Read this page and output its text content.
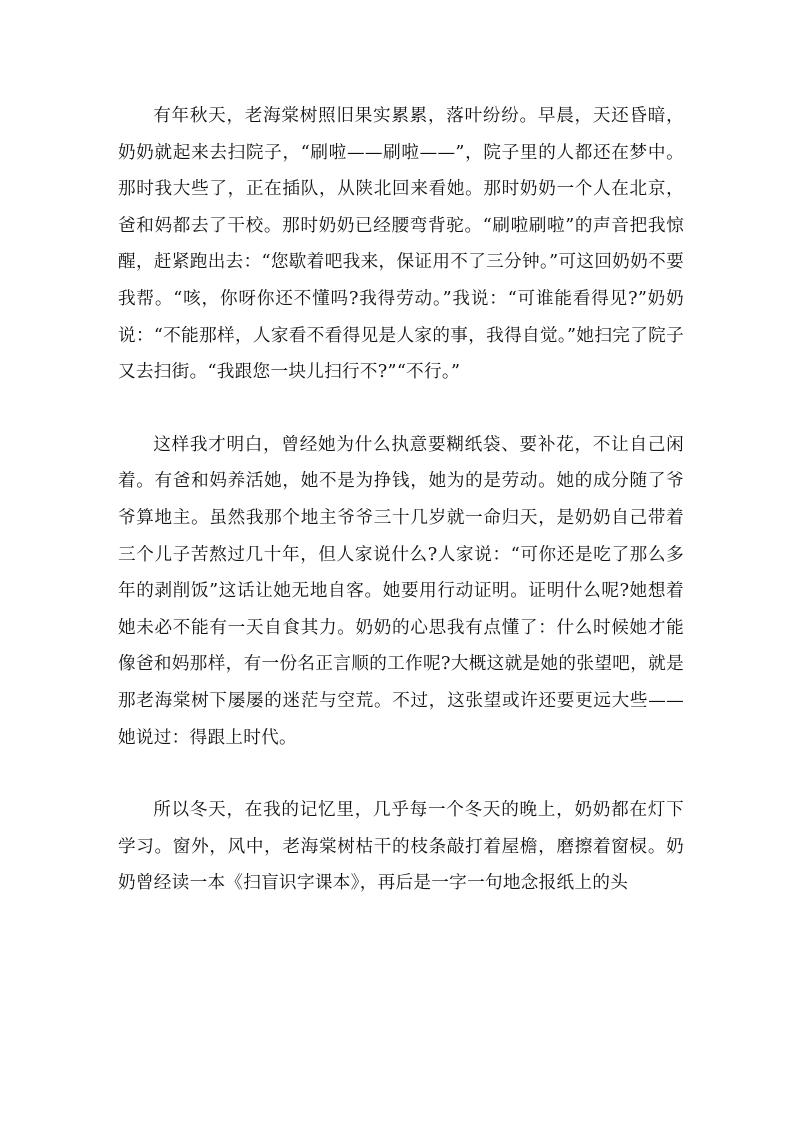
有年秋天，老海棠树照旧果实累累，落叶纷纷。早晨，天还昏暗，奶奶就起来去扫院子，“刷啦——刷啦——”，院子里的人都还在梦中。那时我大些了，正在插队，从陕北回来看她。那时奶奶一个人在北京，爸和妈都去了干校。那时奶奶已经腰弯背驼。“刷啦刷啦”的声音把我惊醒，赶紧跑出去：“您歇着吧我来，保证用不了三分钟。”可这回奶奶不要我帮。“咳，你呀你还不懂吗?我得劳动。”我说：“可谁能看得见?”奶奶说：“不能那样，人家看不看得见是人家的事，我得自觉。”她扫完了院子又去扫街。“我跟您一块儿扫行不?”“不行。”

这样我才明白，曾经她为什么执意要糊纸袋、要补花，不让自己闲着。有爸和妈养活她，她不是为挣钱，她为的是劳动。她的成分随了爷爷算地主。虽然我那个地主爷爷三十几岁就一命归天，是奶奶自己带着三个儿子苦熬过几十年，但人家说什么?人家说：“可你还是吃了那么多年的剥削饭”这话让她无地自客。她要用行动证明。证明什么呢?她想着她未必不能有一天自食其力。奶奶的心思我有点懂了：什么时候她才能像爸和妈那样，有一份名正言顺的工作呢?大概这就是她的张望吧，就是那老海棠树下屡屡的迷茫与空荒。不过，这张望或许还要更远大些——她说过：得跟上时代。

所以冬天，在我的记忆里，几乎每一个冬天的晚上，奶奶都在灯下学习。窗外，风中，老海棠树枯干的枝条敲打着屋檐，磨擦着窗棂。奶奶曾经读一本《扫盲识字课本》，再后是一字一句地念报纸上的头
